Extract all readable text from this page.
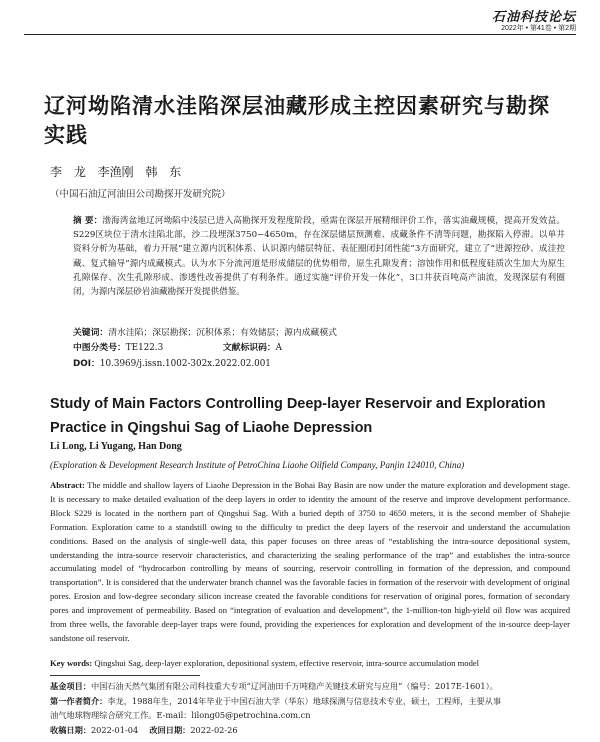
石油科技论坛
2022年 • 第41卷 • 第2期
辽河坳陷清水洼陷深层油藏形成主控因素研究与勘探实践
李 龙 李渔刚 韩 东
（中国石油辽河油田公司勘探开发研究院）
摘 要：渤海湾盆地辽河坳陷中浅层已进入高勘探开发程度阶段，亟需在深层开展精细评价工作，落实油藏规模，提高开发效益。S229区块位于清水洼陷北部，沙二段埋深3750~4650m，存在深层储层预测难、成藏条件不清等问题，勘探陷入停滞。以单井资料分析为基础，着力开展“建立源内沉积体系、认识源内储层特征、表征圈闭封闭性能”3方面研究，建立了“进源控砂、成洼控藏、复式输导”源内成藏模式。认为水下分流河道是形成储层的优势相带，原生孔隙发育；溶蚀作用和低程度硅质次生加大为原生孔隙保存、次生孔隙形成、渗透性改善提供了有利条件。通过实施“评价开发一体化”，3口井获百吨高产油流，发现深层有利圈闭，为源内深层砂岩油藏勘探开发提供借鉴。
关键词：清水洼陷；深层勘探；沉积体系；有效储层；源内成藏模式
中图分类号：TE122.3	文献标识码：A
DOI：10.3969/j.issn.1002-302x.2022.02.001
Study of Main Factors Controlling Deep-layer Reservoir and Exploration Practice in Qingshui Sag of Liaohe Depression
Li Long, Li Yugang, Han Dong
(Exploration & Development Research Institute of PetroChina Liaohe Oilfield Company, Panjin 124010, China)
Abstract: The middle and shallow layers of Liaohe Depression in the Bohai Bay Basin are now under the mature exploration and development stage. It is necessary to make detailed evaluation of the deep layers in order to identity the amount of the reserve and improve development performance. Block S229 is located in the northern part of Qingshui Sag. With a buried depth of 3750 to 4650 meters, it is the second member of Shahejie Formation. Exploration came to a standstill owing to the difficulty to predict the deep layers of the reservoir and understand the accumulation conditions. Based on the analysis of single-well data, this paper focuses on three areas of “establishing the intra-source depositional system, understanding the intra-source reservoir characteristics, and characterizing the sealing performance of the trap” and establishes the intra-source accumulating model of “hydrocarbon controlling by means of sourcing, reservoir controlling in formation of the depression, and compound transportation”. It is considered that the underwater branch channel was the favorable facies in formation of the reservoir with development of original pores. Erosion and low-degree secondary silicon increase created the favorable conditions for reservation of original pores, formation of secondary pores and improvement of permeability. Based on “integration of evaluation and development”, the 1-million-ton high-yield oil flow was acquired from three wells, the favorable deep-layer traps were found, providing the experiences for exploration and development of the in-source deep-layer sandstone oil reservoir.
Key words: Qingshui Sag, deep-layer exploration, depositional system, effective reservoir, intra-source accumulation model
基金项目：中国石油天然气集团有限公司科技重大专项“辽河油田千万吨稳产关键技术研究与应用”（编号：2017E-1601）。
第一作者简介：李龙，1988年生，2014年毕业于中国石油大学（华东）地球探测与信息技术专业，硕士，工程师，主要从事
油气地球物理综合研究工作。E-mail：lilong05@petrochina.com.cn
收稿日期：2022-01-04 改回日期：2022-02-26
